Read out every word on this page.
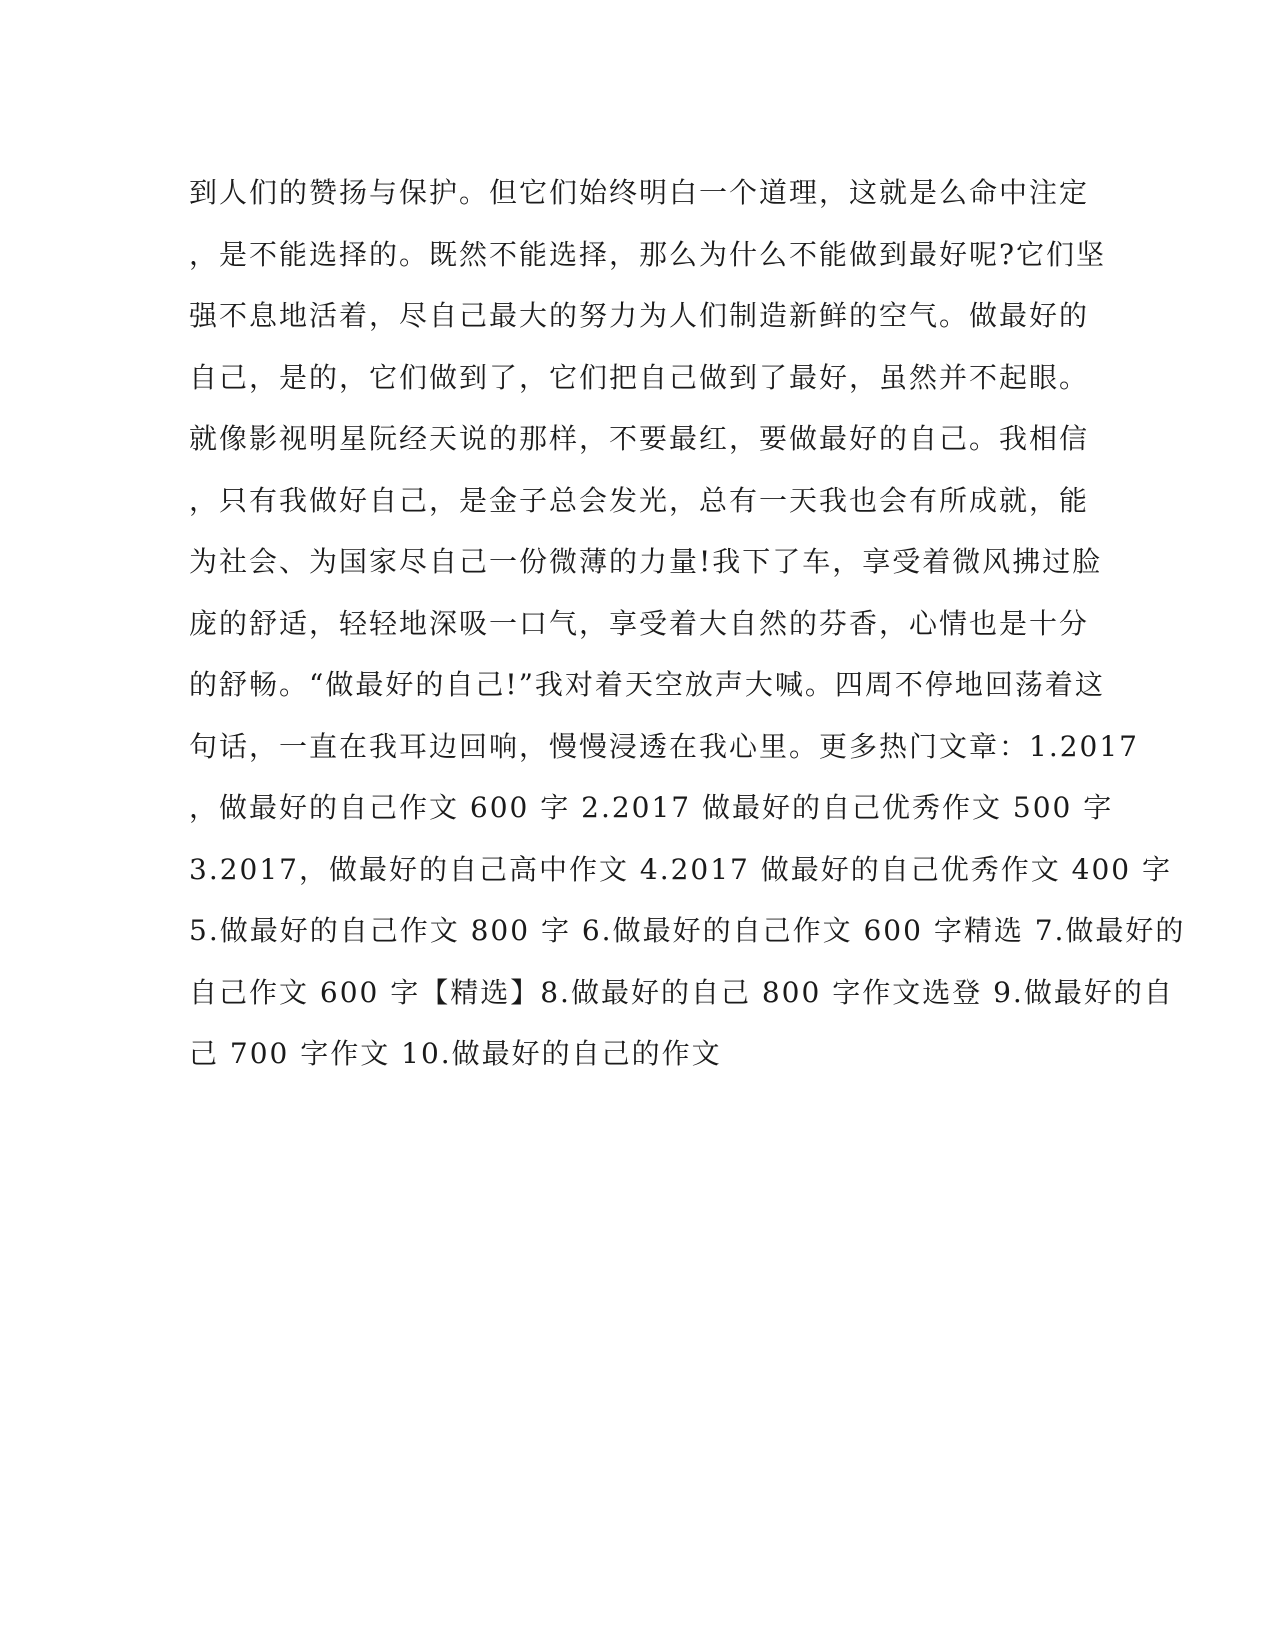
到人们的赞扬与保护。但它们始终明白一个道理，这就是么命中注定
，是不能选择的。既然不能选择，那么为什么不能做到最好呢?它们坚
强不息地活着，尽自己最大的努力为人们制造新鲜的空气。做最好的
自己，是的，它们做到了，它们把自己做到了最好，虽然并不起眼。
就像影视明星阮经天说的那样，不要最红，要做最好的自己。我相信
，只有我做好自己，是金子总会发光，总有一天我也会有所成就，能
为社会、为国家尽自己一份微薄的力量!我下了车，享受着微风拂过脸
庞的舒适，轻轻地深吸一口气，享受着大自然的芬香，心情也是十分
的舒畅。“做最好的自己!”我对着天空放声大喊。四周不停地回荡着这
句话，一直在我耳边回响，慢慢浸透在我心里。更多热门文章：1.2017
，做最好的自己作文 600 字 2.2017 做最好的自己优秀作文 500 字
3.2017，做最好的自己高中作文 4.2017 做最好的自己优秀作文 400 字
5.做最好的自己作文 800 字 6.做最好的自己作文 600 字精选 7.做最好的
自己作文 600 字【精选】8.做最好的自己 800 字作文选登 9.做最好的自
己 700 字作文 10.做最好的自己的作文
